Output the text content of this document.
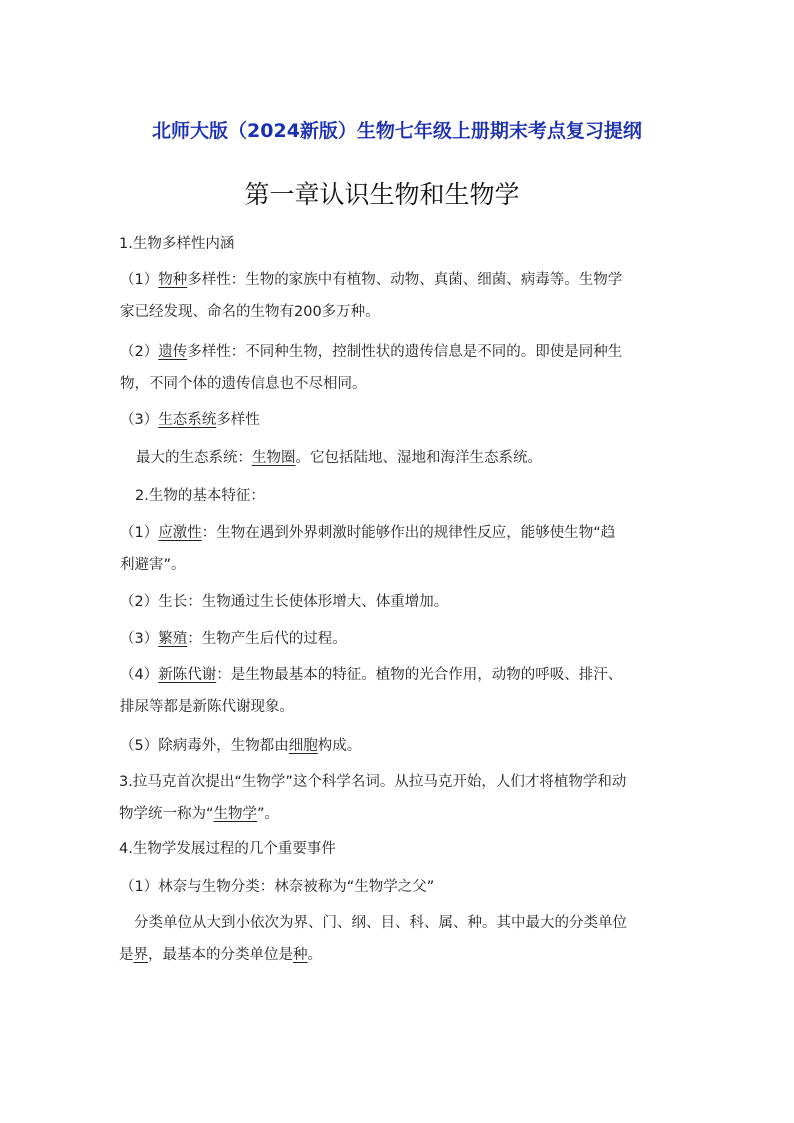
北师大版（2024新版）生物七年级上册期末考点复习提纲
第一章认识生物和生物学
1.生物多样性内涵
（1）物种多样性：生物的家族中有植物、动物、真菌、细菌、病毒等。生物学
家已经发现、命名的生物有200多万种。
（2）遗传多样性：不同种生物，控制性状的遗传信息是不同的。即使是同种生
物，不同个体的遗传信息也不尽相同。
（3）生态系统多样性
最大的生态系统：生物圈。它包括陆地、湿地和海洋生态系统。
2.生物的基本特征：
（1）应激性：生物在遇到外界刺激时能够作出的规律性反应，能够使生物“趋
利避害”。
（2）生长：生物通过生长使体形增大、体重增加。
（3）繁殖：生物产生后代的过程。
（4）新陈代谢：是生物最基本的特征。植物的光合作用，动物的呼吸、排汗、
排尿等都是新陈代谢现象。
（5）除病毒外，生物都由细胞构成。
3.拉马克首次提出“生物学”这个科学名词。从拉马克开始，人们才将植物学和动
物学统一称为“生物学”。
4.生物学发展过程的几个重要事件
（1）林奈与生物分类：林奈被称为“生物学之父”
分类单位从大到小依次为界、门、纲、目、科、属、种。其中最大的分类单位
是界，最基本的分类单位是种。
